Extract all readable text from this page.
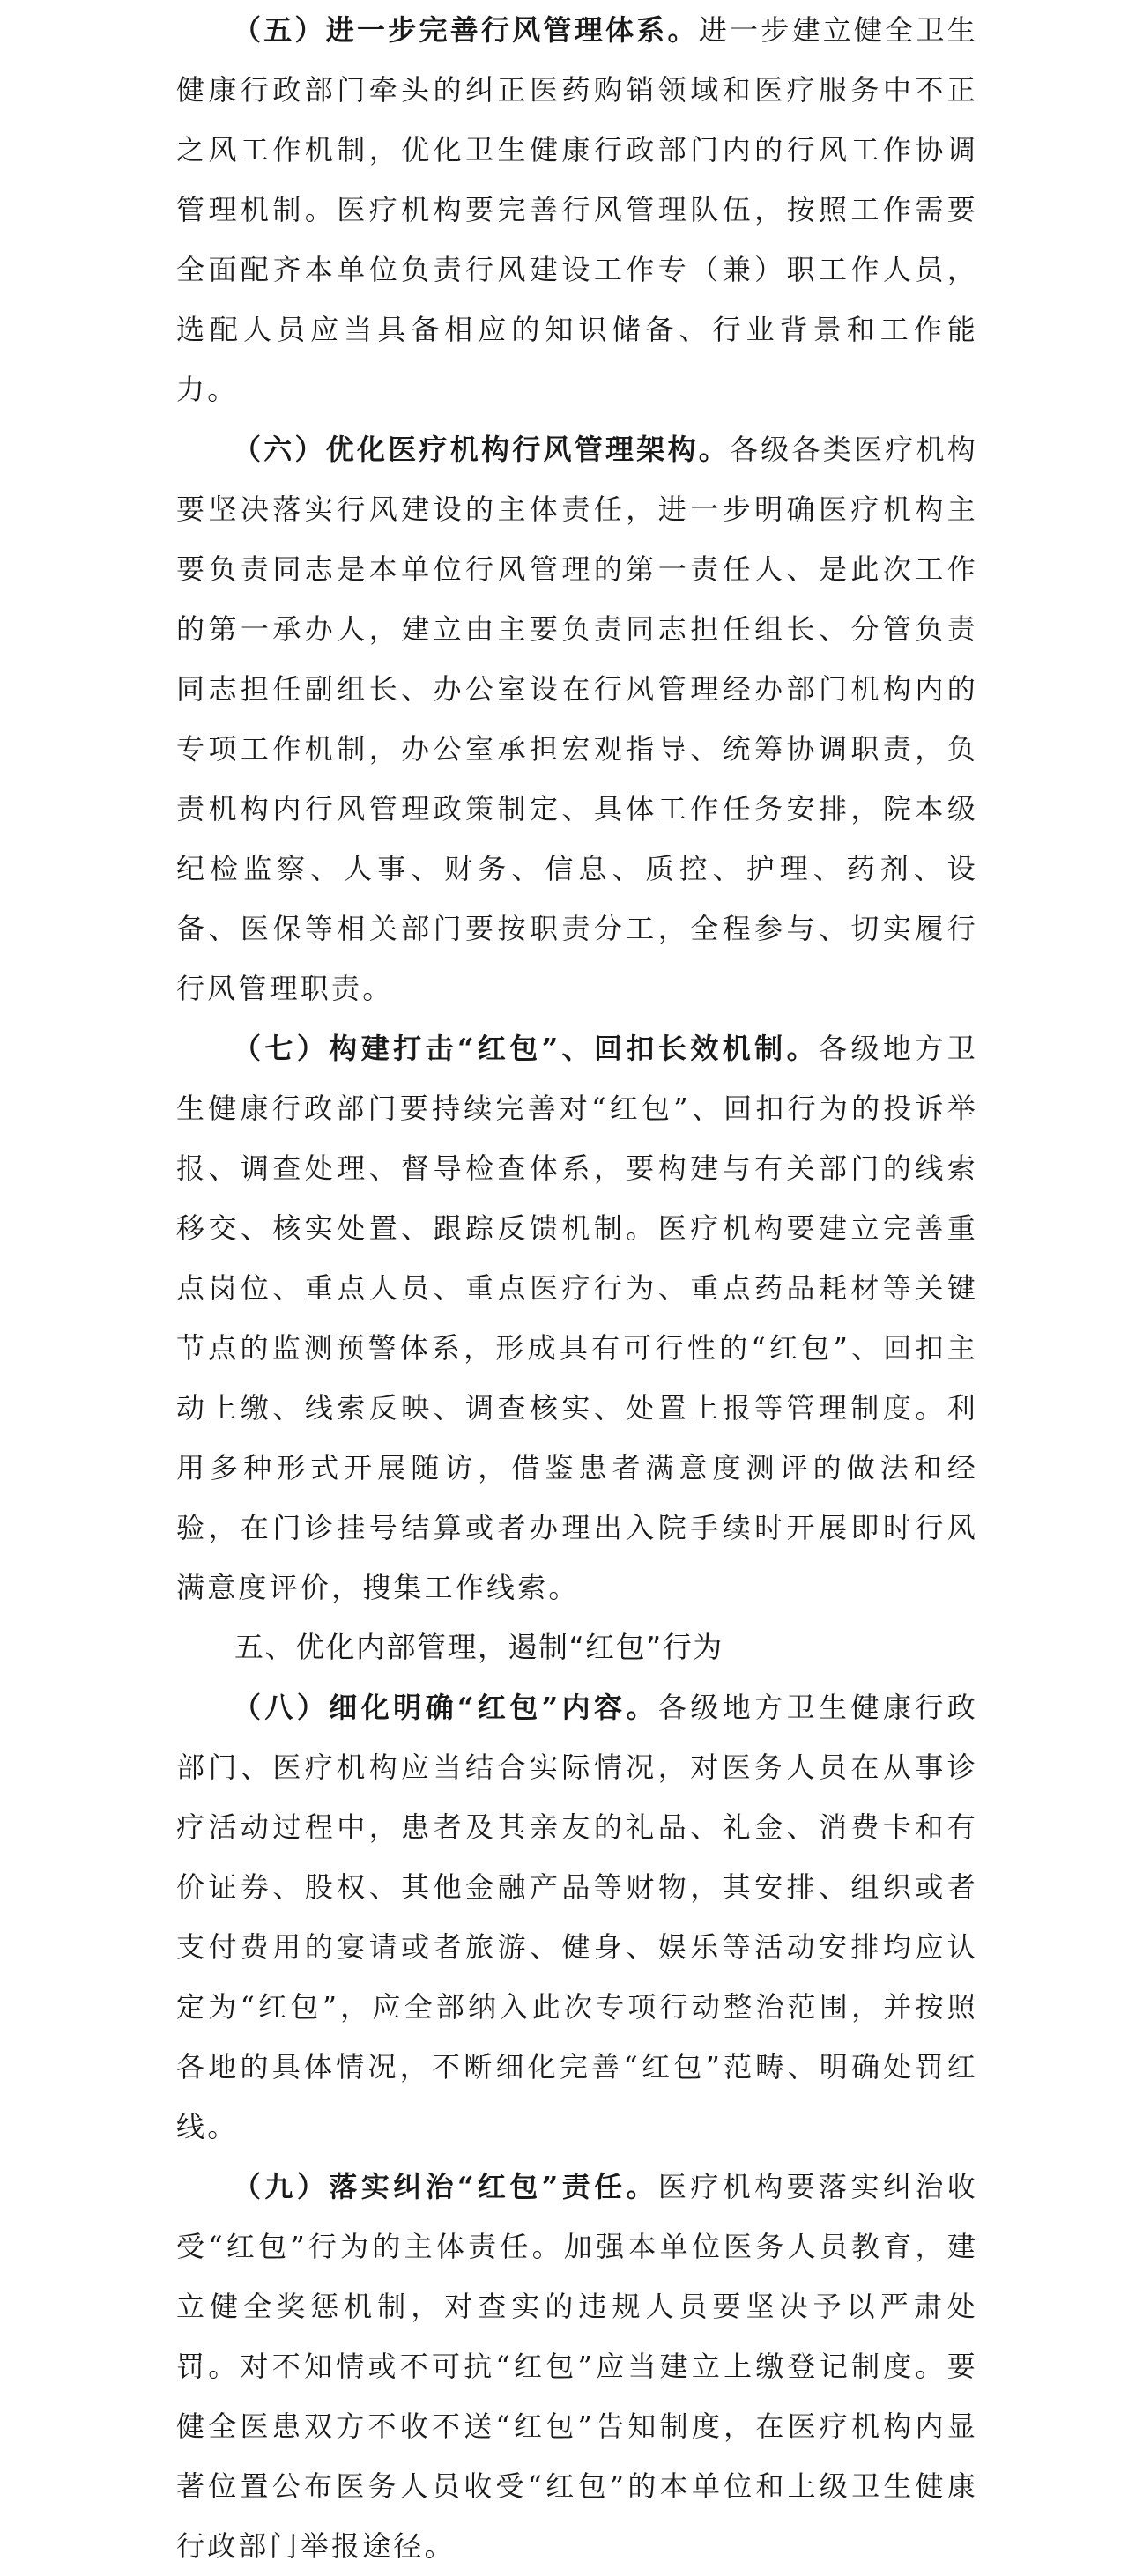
（五）进一步完善行风管理体系。进一步建立健全卫生健康行政部门牵头的纠正医药购销领域和医疗服务中不正之风工作机制，优化卫生健康行政部门内的行风工作协调管理机制。医疗机构要完善行风管理队伍，按照工作需要全面配齐本单位负责行风建设工作专（兼）职工作人员，选配人员应当具备相应的知识储备、行业背景和工作能力。

（六）优化医疗机构行风管理架构。各级各类医疗机构要坚决落实行风建设的主体责任，进一步明确医疗机构主要负责同志是本单位行风管理的第一责任人、是此次工作的第一承办人，建立由主要负责同志担任组长、分管负责同志担任副组长、办公室设在行风管理经办部门机构内的专项工作机制，办公室承担宏观指导、统筹协调职责，负责机构内行风管理政策制定、具体工作任务安排，院本级纪检监察、人事、财务、信息、质控、护理、药剂、设备、医保等相关部门要按职责分工，全程参与、切实履行行风管理职责。

（七）构建打击“红包”、回扣长效机制。各级地方卫生健康行政部门要持续完善对“红包”、回扣行为的投诉举报、调查处理、督导检查体系，要构建与有关部门的线索移交、核实处置、跟踪反馈机制。医疗机构要建立完善重点岗位、重点人员、重点医疗行为、重点药品耗材等关键节点的监测预警体系，形成具有可行性的“红包”、回扣主动上缴、线索反映、调查核实、处置上报等管理制度。利用多种形式开展随访，借鉴患者满意度测评的做法和经验，在门诊挂号结算或者办理出入院手续时开展即时行风满意度评价，搜集工作线索。

五、优化内部管理，遏制“红包”行为

（八）细化明确“红包”内容。各级地方卫生健康行政部门、医疗机构应当结合实际情况，对医务人员在从事诊疗活动过程中，患者及其亲友的礼品、礼金、消费卡和有价证券、股权、其他金融产品等财物，其安排、组织或者支付费用的宴请或者旅游、健身、娱乐等活动安排均应认定为“红包”，应全部纳入此次专项行动整治范围，并按照各地的具体情况，不断细化完善“红包”范畴、明确处罚红线。

（九）落实纠治“红包”责任。医疗机构要落实纠治收受“红包”行为的主体责任。加强本单位医务人员教育，建立健全奖惩机制，对查实的违规人员要坚决予以严肃处罚。对不知情或不可抗“红包”应当建立上缴登记制度。要健全医患双方不收不送“红包”告知制度，在医疗机构内显著位置公布医务人员收受“红包”的本单位和上级卫生健康行政部门举报途径。
